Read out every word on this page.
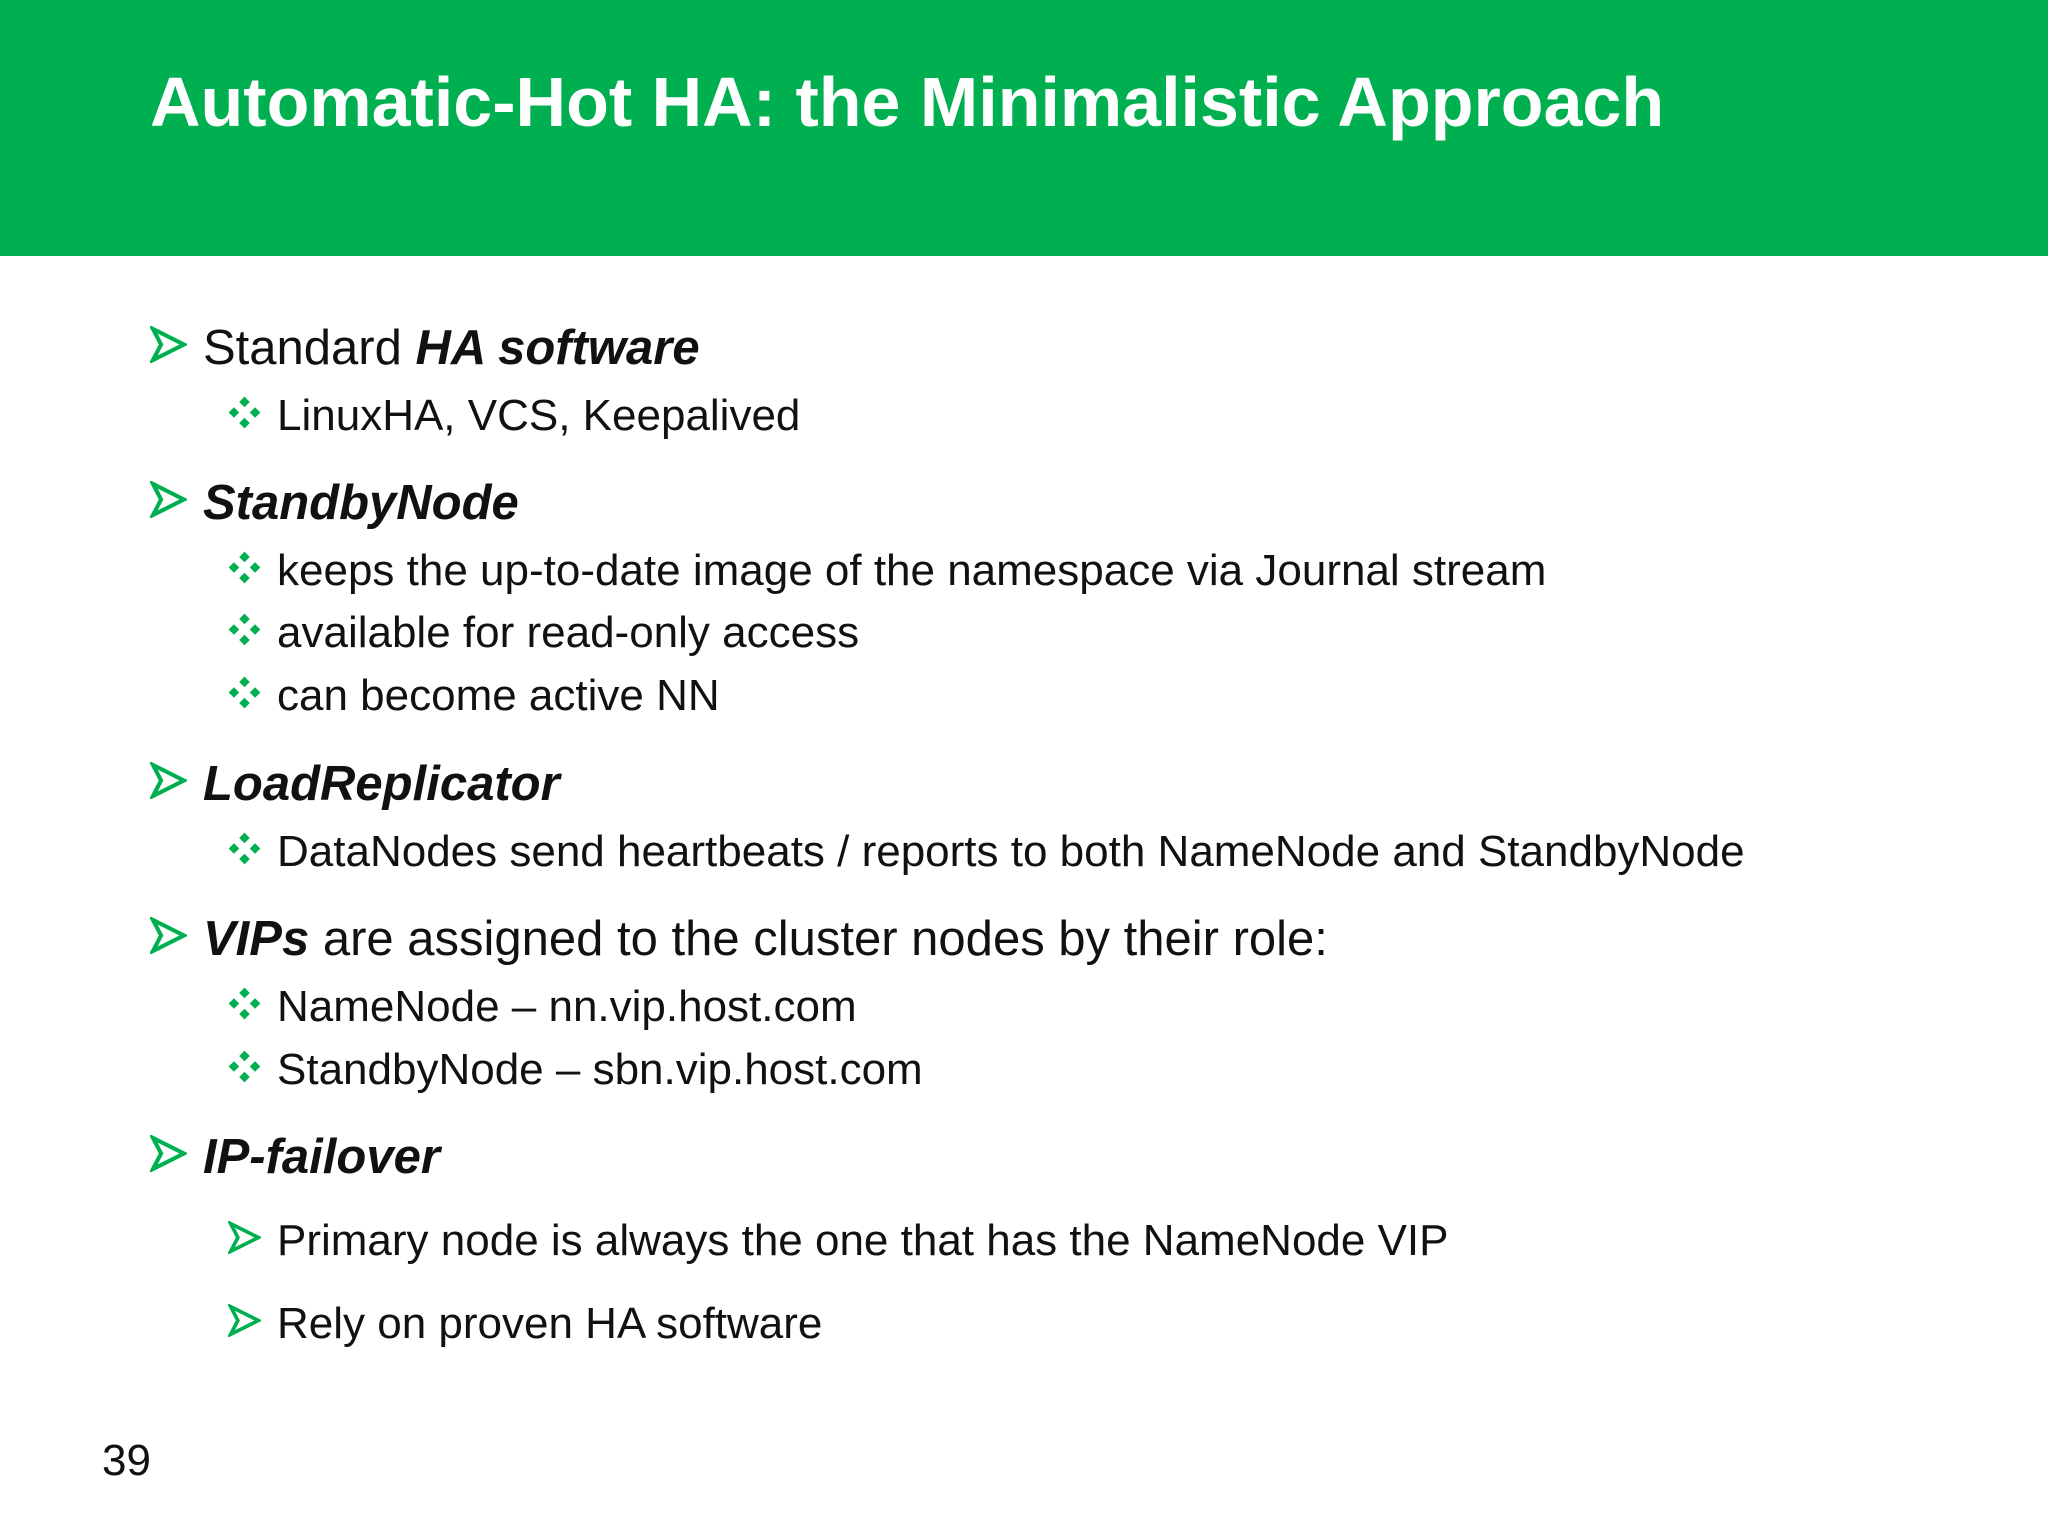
Automatic-Hot HA: the Minimalistic Approach
Standard HA software
LinuxHA, VCS, Keepalived
StandbyNode
keeps the up-to-date image of the namespace via Journal stream
available for read-only access
can become active NN
LoadReplicator
DataNodes send heartbeats / reports to both NameNode and StandbyNode
VIPs are assigned to the cluster nodes by their role:
NameNode – nn.vip.host.com
StandbyNode – sbn.vip.host.com
IP-failover
Primary node is always the one that has the NameNode VIP
Rely on proven HA software
39
